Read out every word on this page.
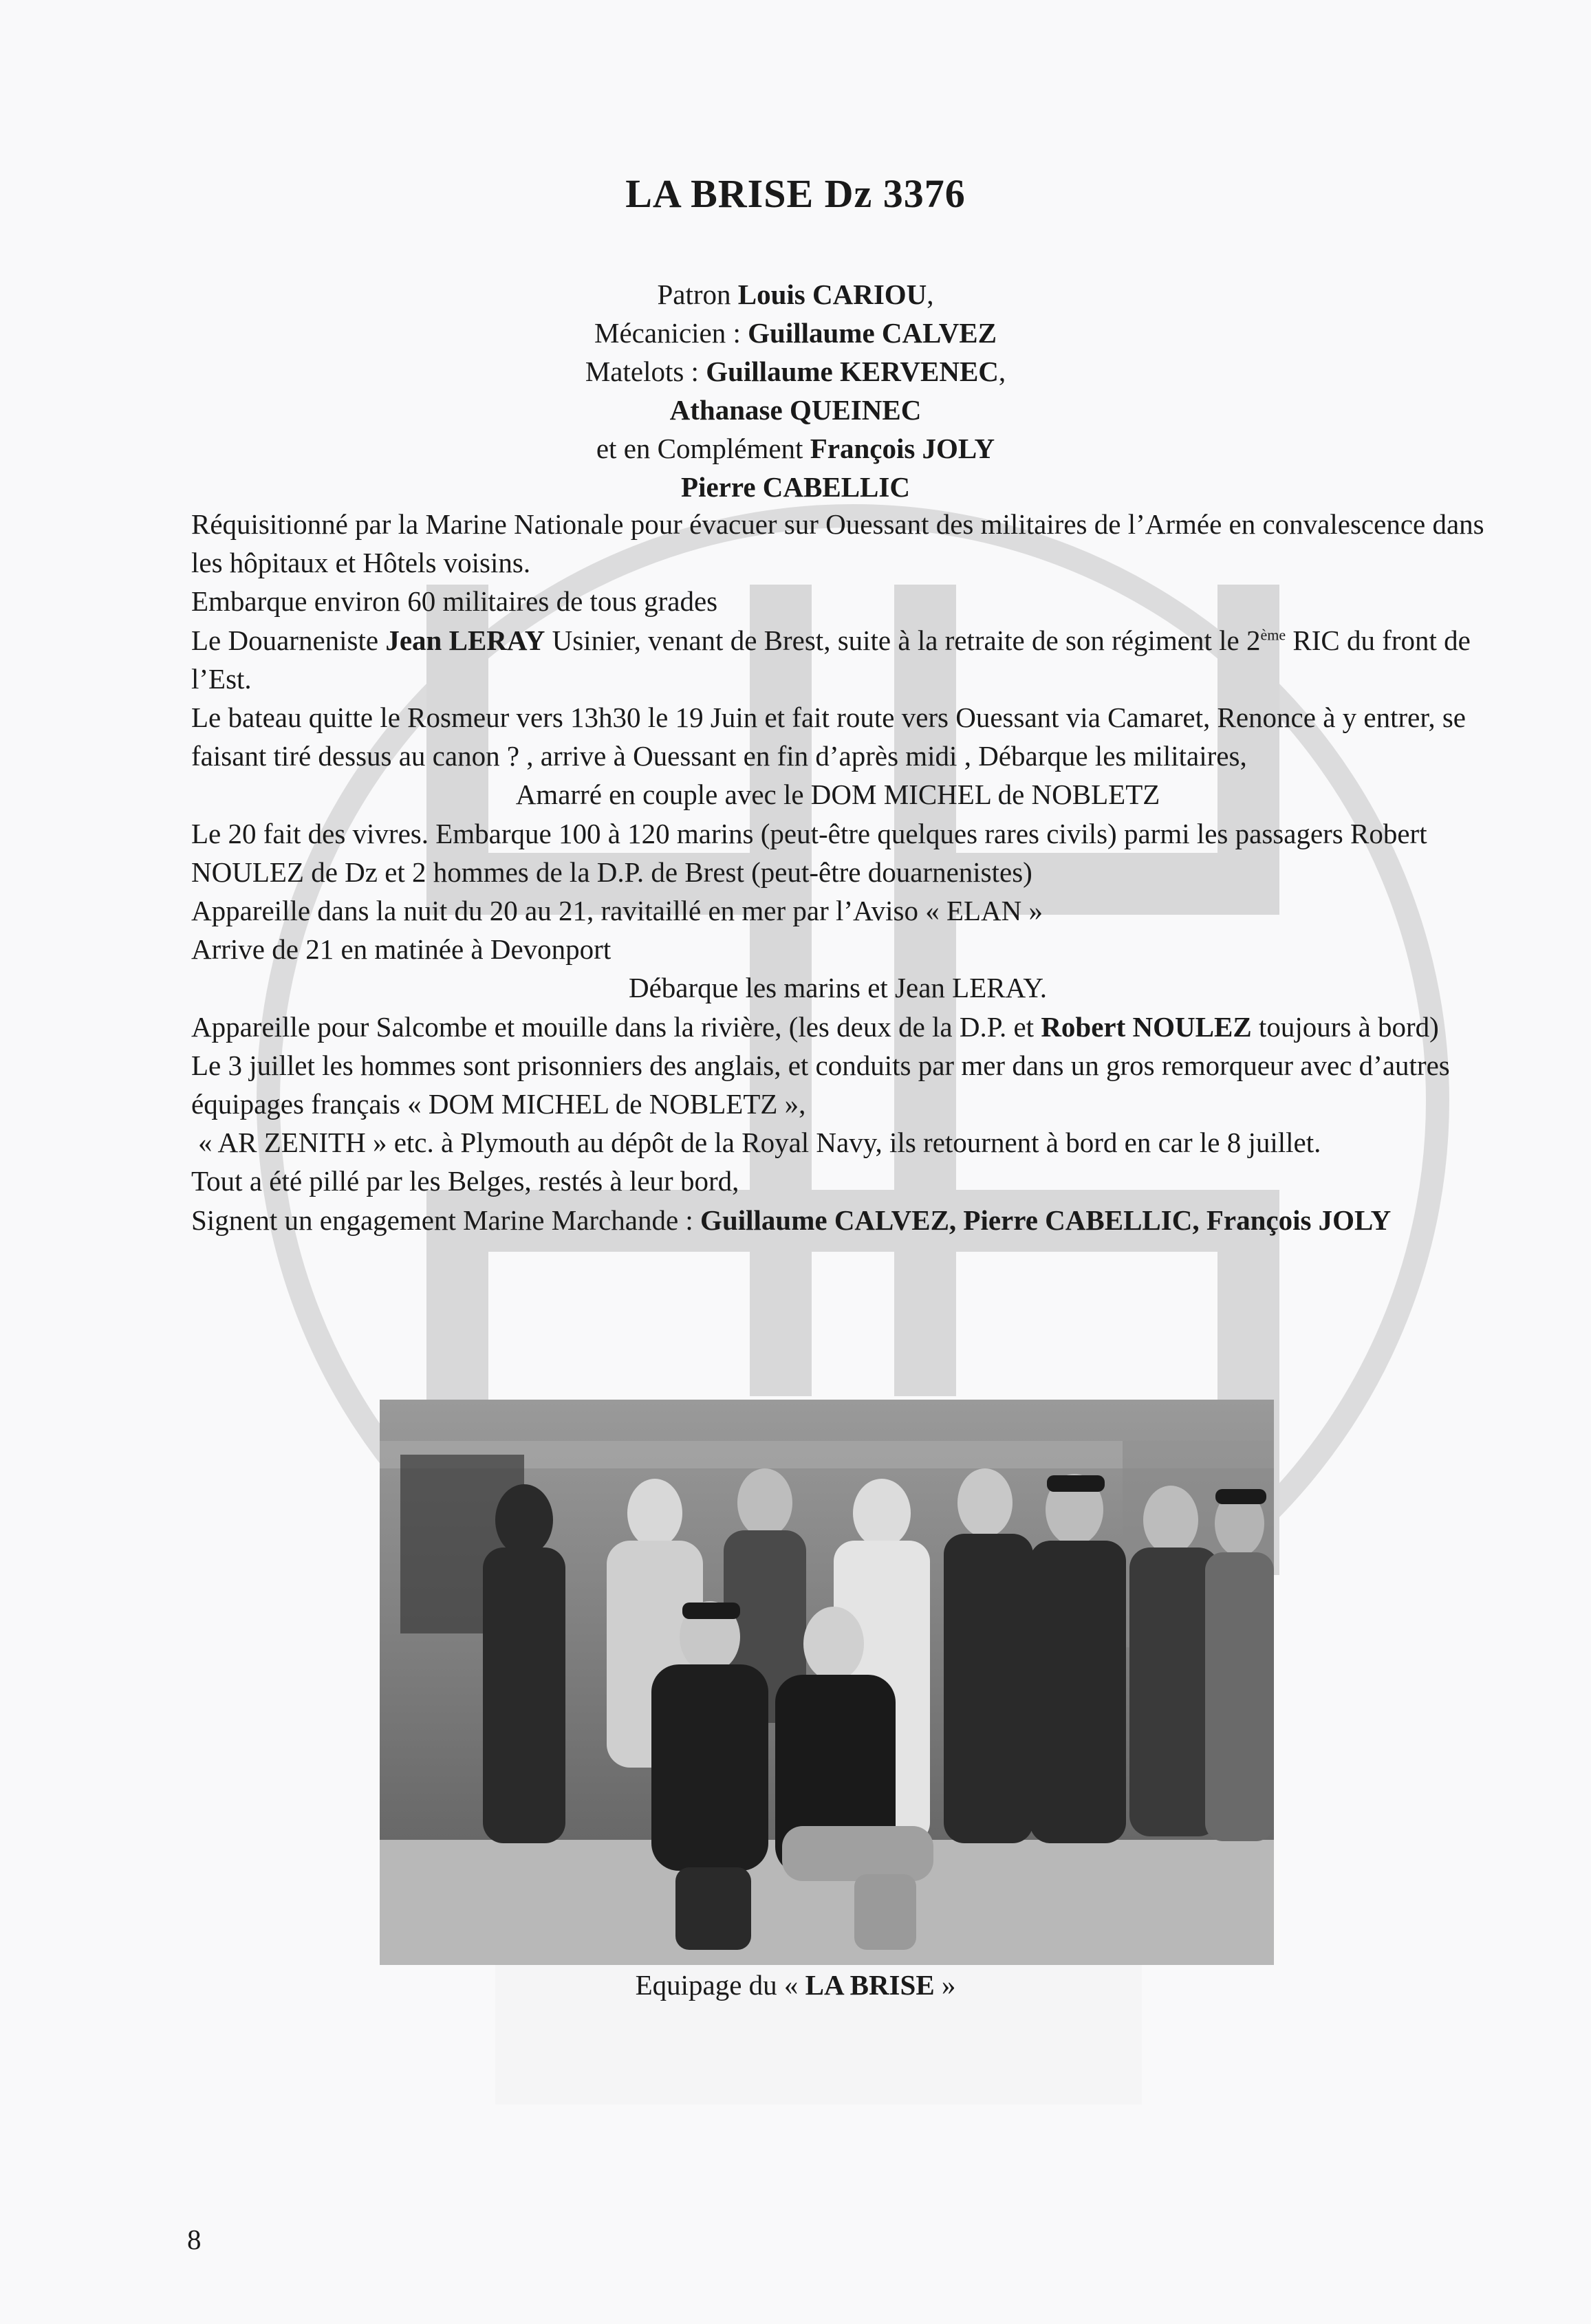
LA BRISE Dz 3376
Patron Louis CARIOU,
Mécanicien : Guillaume CALVEZ
Matelots : Guillaume KERVENEC,
Athanase QUEINEC
et en Complément François JOLY
Pierre CABELLIC

Réquisitionné par la Marine Nationale pour évacuer sur Ouessant des militaires de l’Armée en convalescence dans les hôpitaux et Hôtels voisins.

Embarque environ 60 militaires de tous grades

Le Douarneniste Jean LERAY Usinier, venant de Brest, suite à la retraite de son régiment le 2ème RIC du front de l’Est.

Le bateau quitte le Rosmeur vers 13h30 le 19 Juin et fait route vers Ouessant via Camaret, Renonce à y entrer, se faisant tiré dessus au canon ? , arrive à Ouessant en fin d’après midi , Débarque les militaires,

Amarré en couple avec le DOM MICHEL de NOBLETZ

Le 20 fait des vivres. Embarque 100 à 120 marins (peut-être quelques rares civils) parmi les passagers Robert NOULEZ de Dz et 2 hommes de la D.P. de Brest (peut-être douarnenistes)

Appareille dans la nuit du 20 au 21, ravitaillé en mer par l’Aviso « ELAN »

Arrive de 21 en matinée à Devonport

Débarque les marins et Jean LERAY.

Appareille pour Salcombe et mouille dans la rivière, (les deux de la D.P. et Robert NOULEZ toujours à bord)

Le 3 juillet les hommes sont prisonniers des anglais, et conduits par mer dans un gros remorqueur avec d’autres équipages français « DOM MICHEL de NOBLETZ »,

« AR ZENITH » etc. à Plymouth au dépôt de la Royal Navy, ils retournent à bord en car le 8 juillet.

Tout a été pillé par les Belges, restés à leur bord,

Signent un engagement Marine Marchande : Guillaume CALVEZ, Pierre CABELLIC, François JOLY

Equipage du « LA BRISE »
8
